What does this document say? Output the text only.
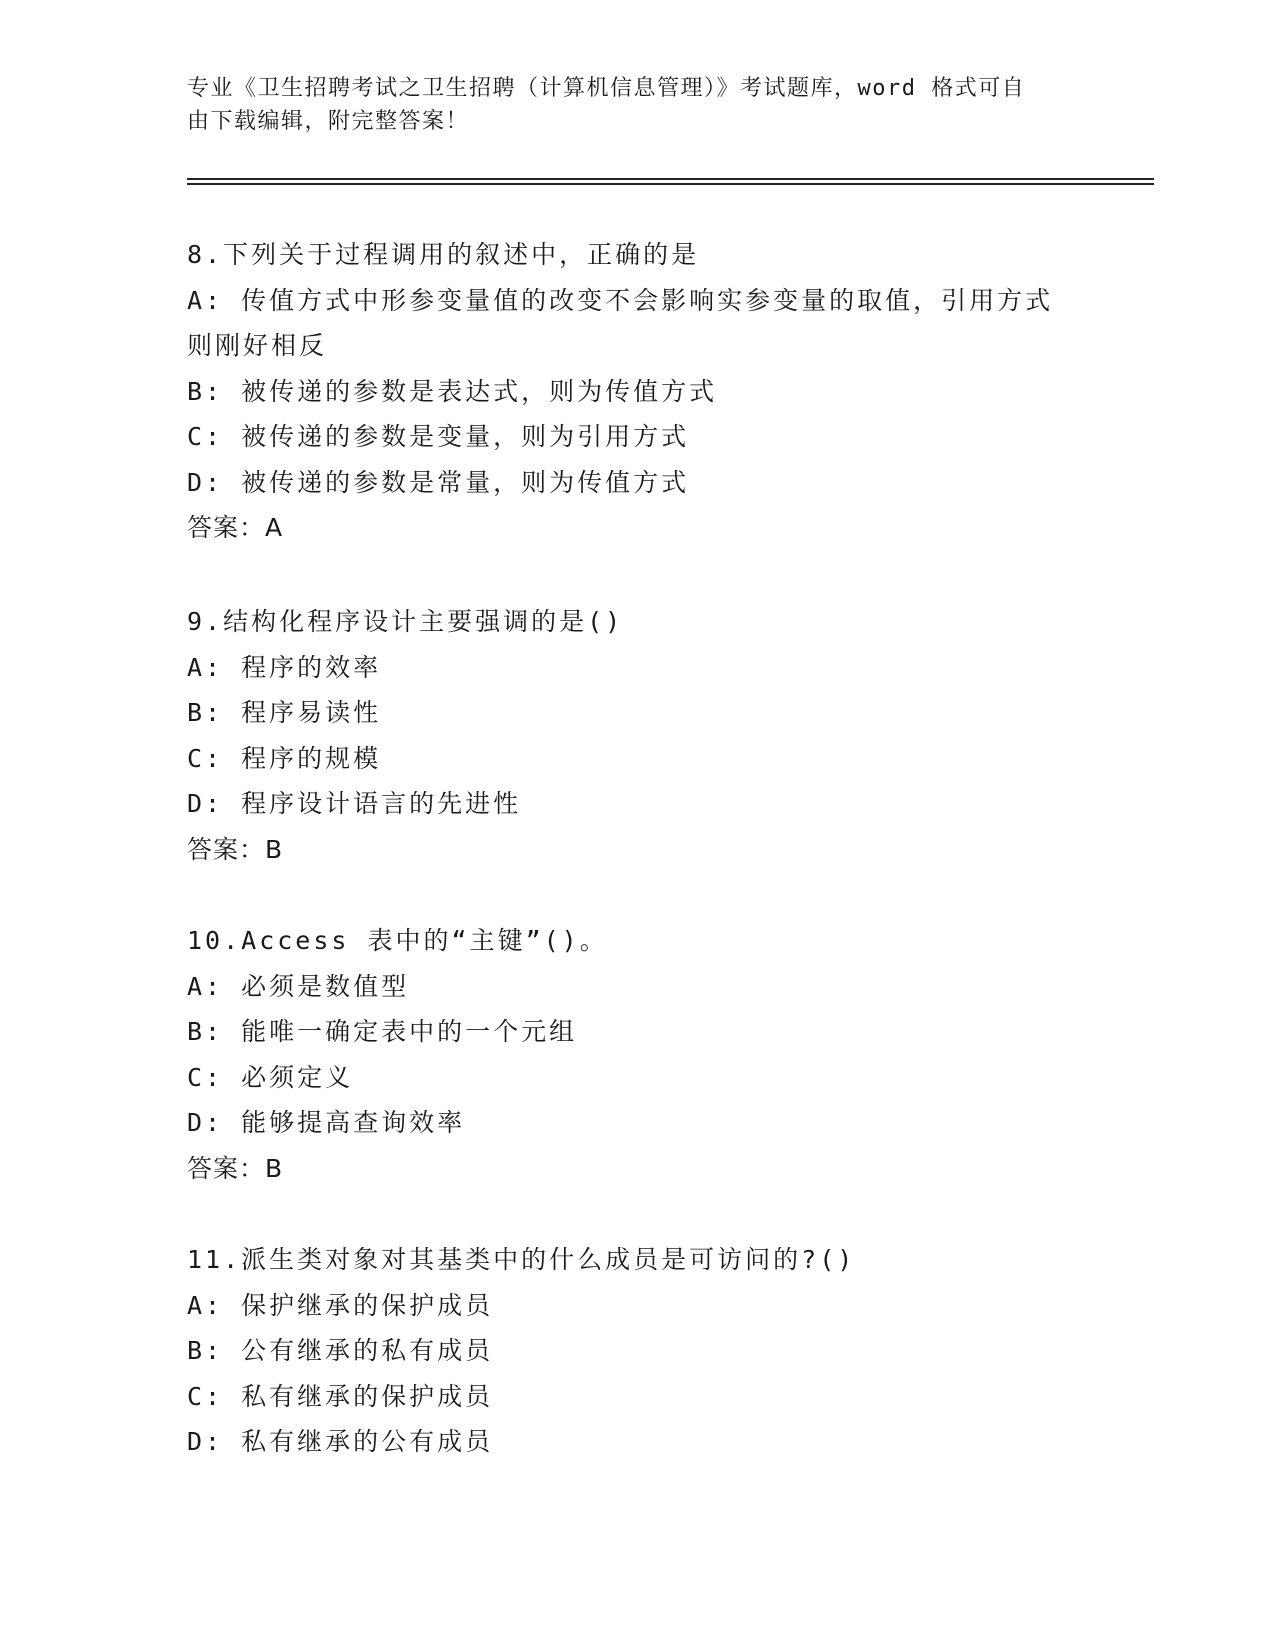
专业《卫生招聘考试之卫生招聘（计算机信息管理）》考试题库，word 格式可自
由下载编辑，附完整答案！
8.下列关于过程调用的叙述中，正确的是
A: 传值方式中形参变量值的改变不会影响实参变量的取值，引用方式
则刚好相反
B: 被传递的参数是表达式，则为传值方式
C: 被传递的参数是变量，则为引用方式
D: 被传递的参数是常量，则为传值方式
答案：A
9.结构化程序设计主要强调的是()
A: 程序的效率
B: 程序易读性
C: 程序的规模
D: 程序设计语言的先进性
答案：B
10.Access 表中的“主键”()。
A: 必须是数值型
B: 能唯一确定表中的一个元组
C: 必须定义
D: 能够提高查询效率
答案：B
11.派生类对象对其基类中的什么成员是可访问的?()
A: 保护继承的保护成员
B: 公有继承的私有成员
C: 私有继承的保护成员
D: 私有继承的公有成员
